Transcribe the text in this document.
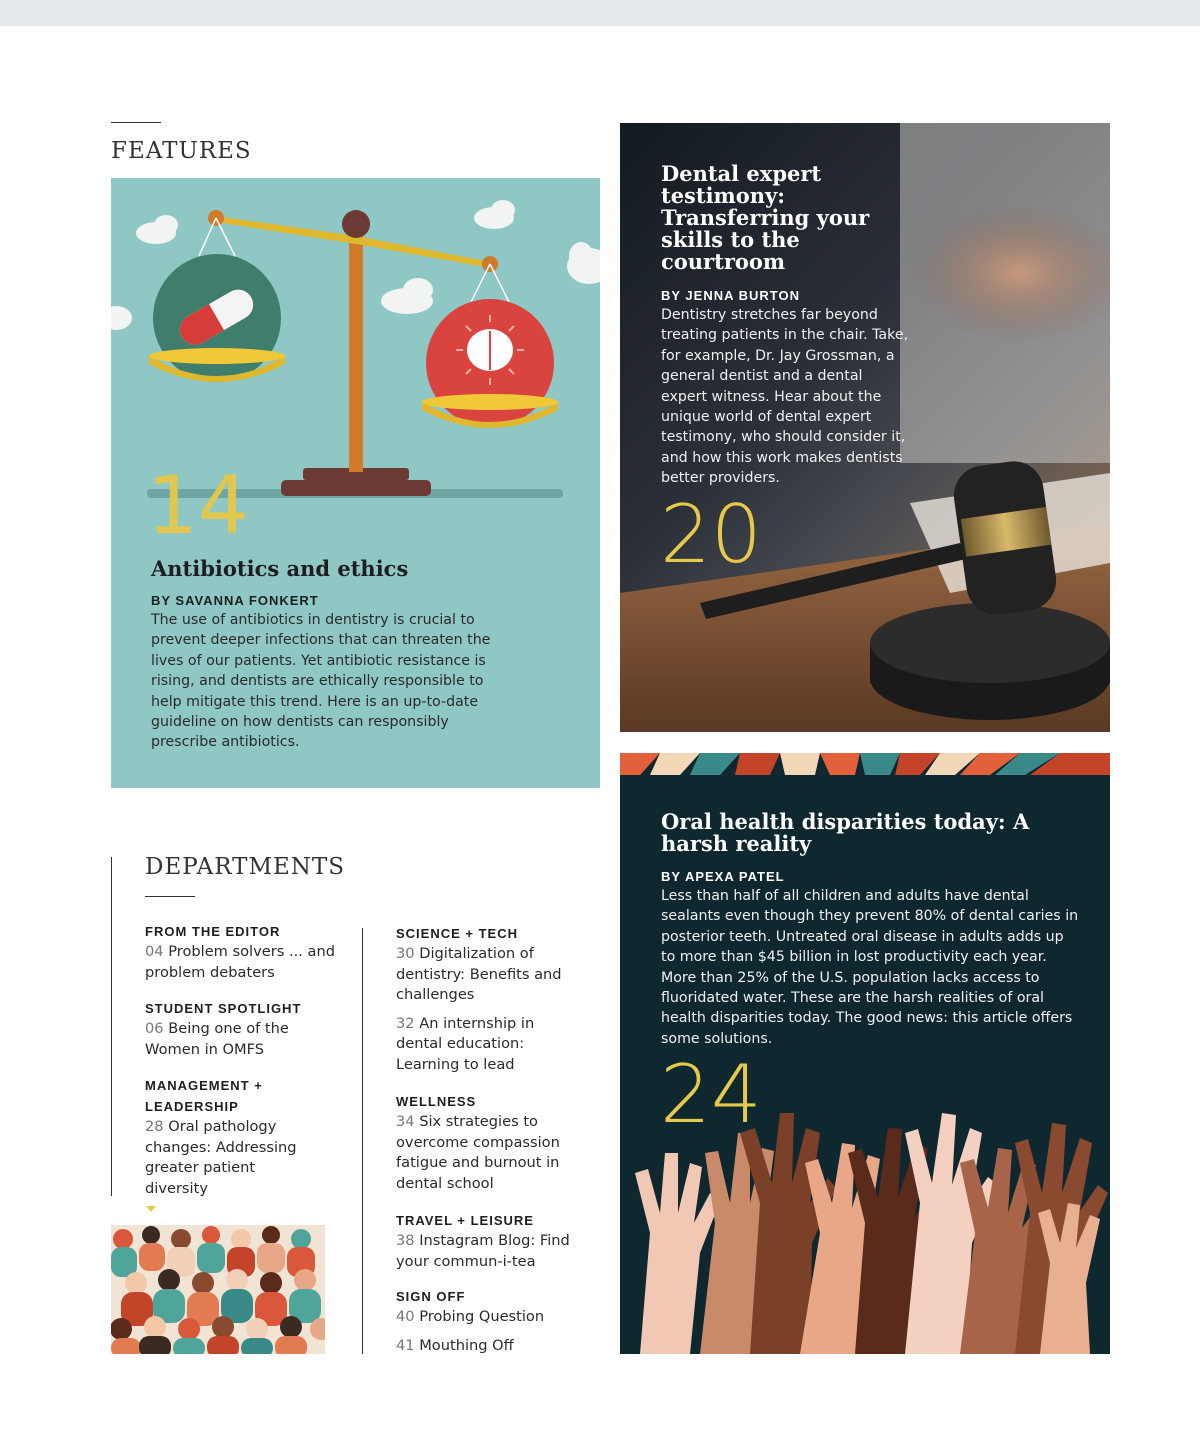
FEATURES
14
Antibiotics and ethics
BY SAVANNA FONKERT
The use of antibiotics in dentistry is crucial to prevent deeper infections that can threaten the lives of our patients. Yet antibiotic resistance is rising, and dentists are ethically responsible to help mitigate this trend. Here is an up-to-date guideline on how dentists can responsibly prescribe antibiotics.
Dental expert testimony: Transferring your skills to the courtroom
BY JENNA BURTON
Dentistry stretches far beyond treating patients in the chair. Take, for example, Dr. Jay Grossman, a general dentist and a dental expert witness. Hear about the unique world of dental expert testimony, who should consider it, and how this work makes dentists better providers.
20
Oral health disparities today: A harsh reality
BY APEXA PATEL
Less than half of all children and adults have dental sealants even though they prevent 80% of dental caries in posterior teeth. Untreated oral disease in adults adds up to more than $45 billion in lost productivity each year. More than 25% of the U.S. population lacks access to fluoridated water. These are the harsh realities of oral health disparities today. The good news: this article offers some solutions.
24
DEPARTMENTS
FROM THE EDITOR
04 Problem solvers ... and problem debaters
STUDENT SPOTLIGHT
06 Being one of the Women in OMFS
MANAGEMENT + LEADERSHIP
28 Oral pathology changes: Addressing greater patient diversity
SCIENCE + TECH
30 Digitalization of dentistry: Benefits and challenges
32 An internship in dental education: Learning to lead
WELLNESS
34 Six strategies to overcome compassion fatigue and burnout in dental school
TRAVEL + LEISURE
38 Instagram Blog: Find your commun-i-tea
SIGN OFF
40 Probing Question
41 Mouthing Off
